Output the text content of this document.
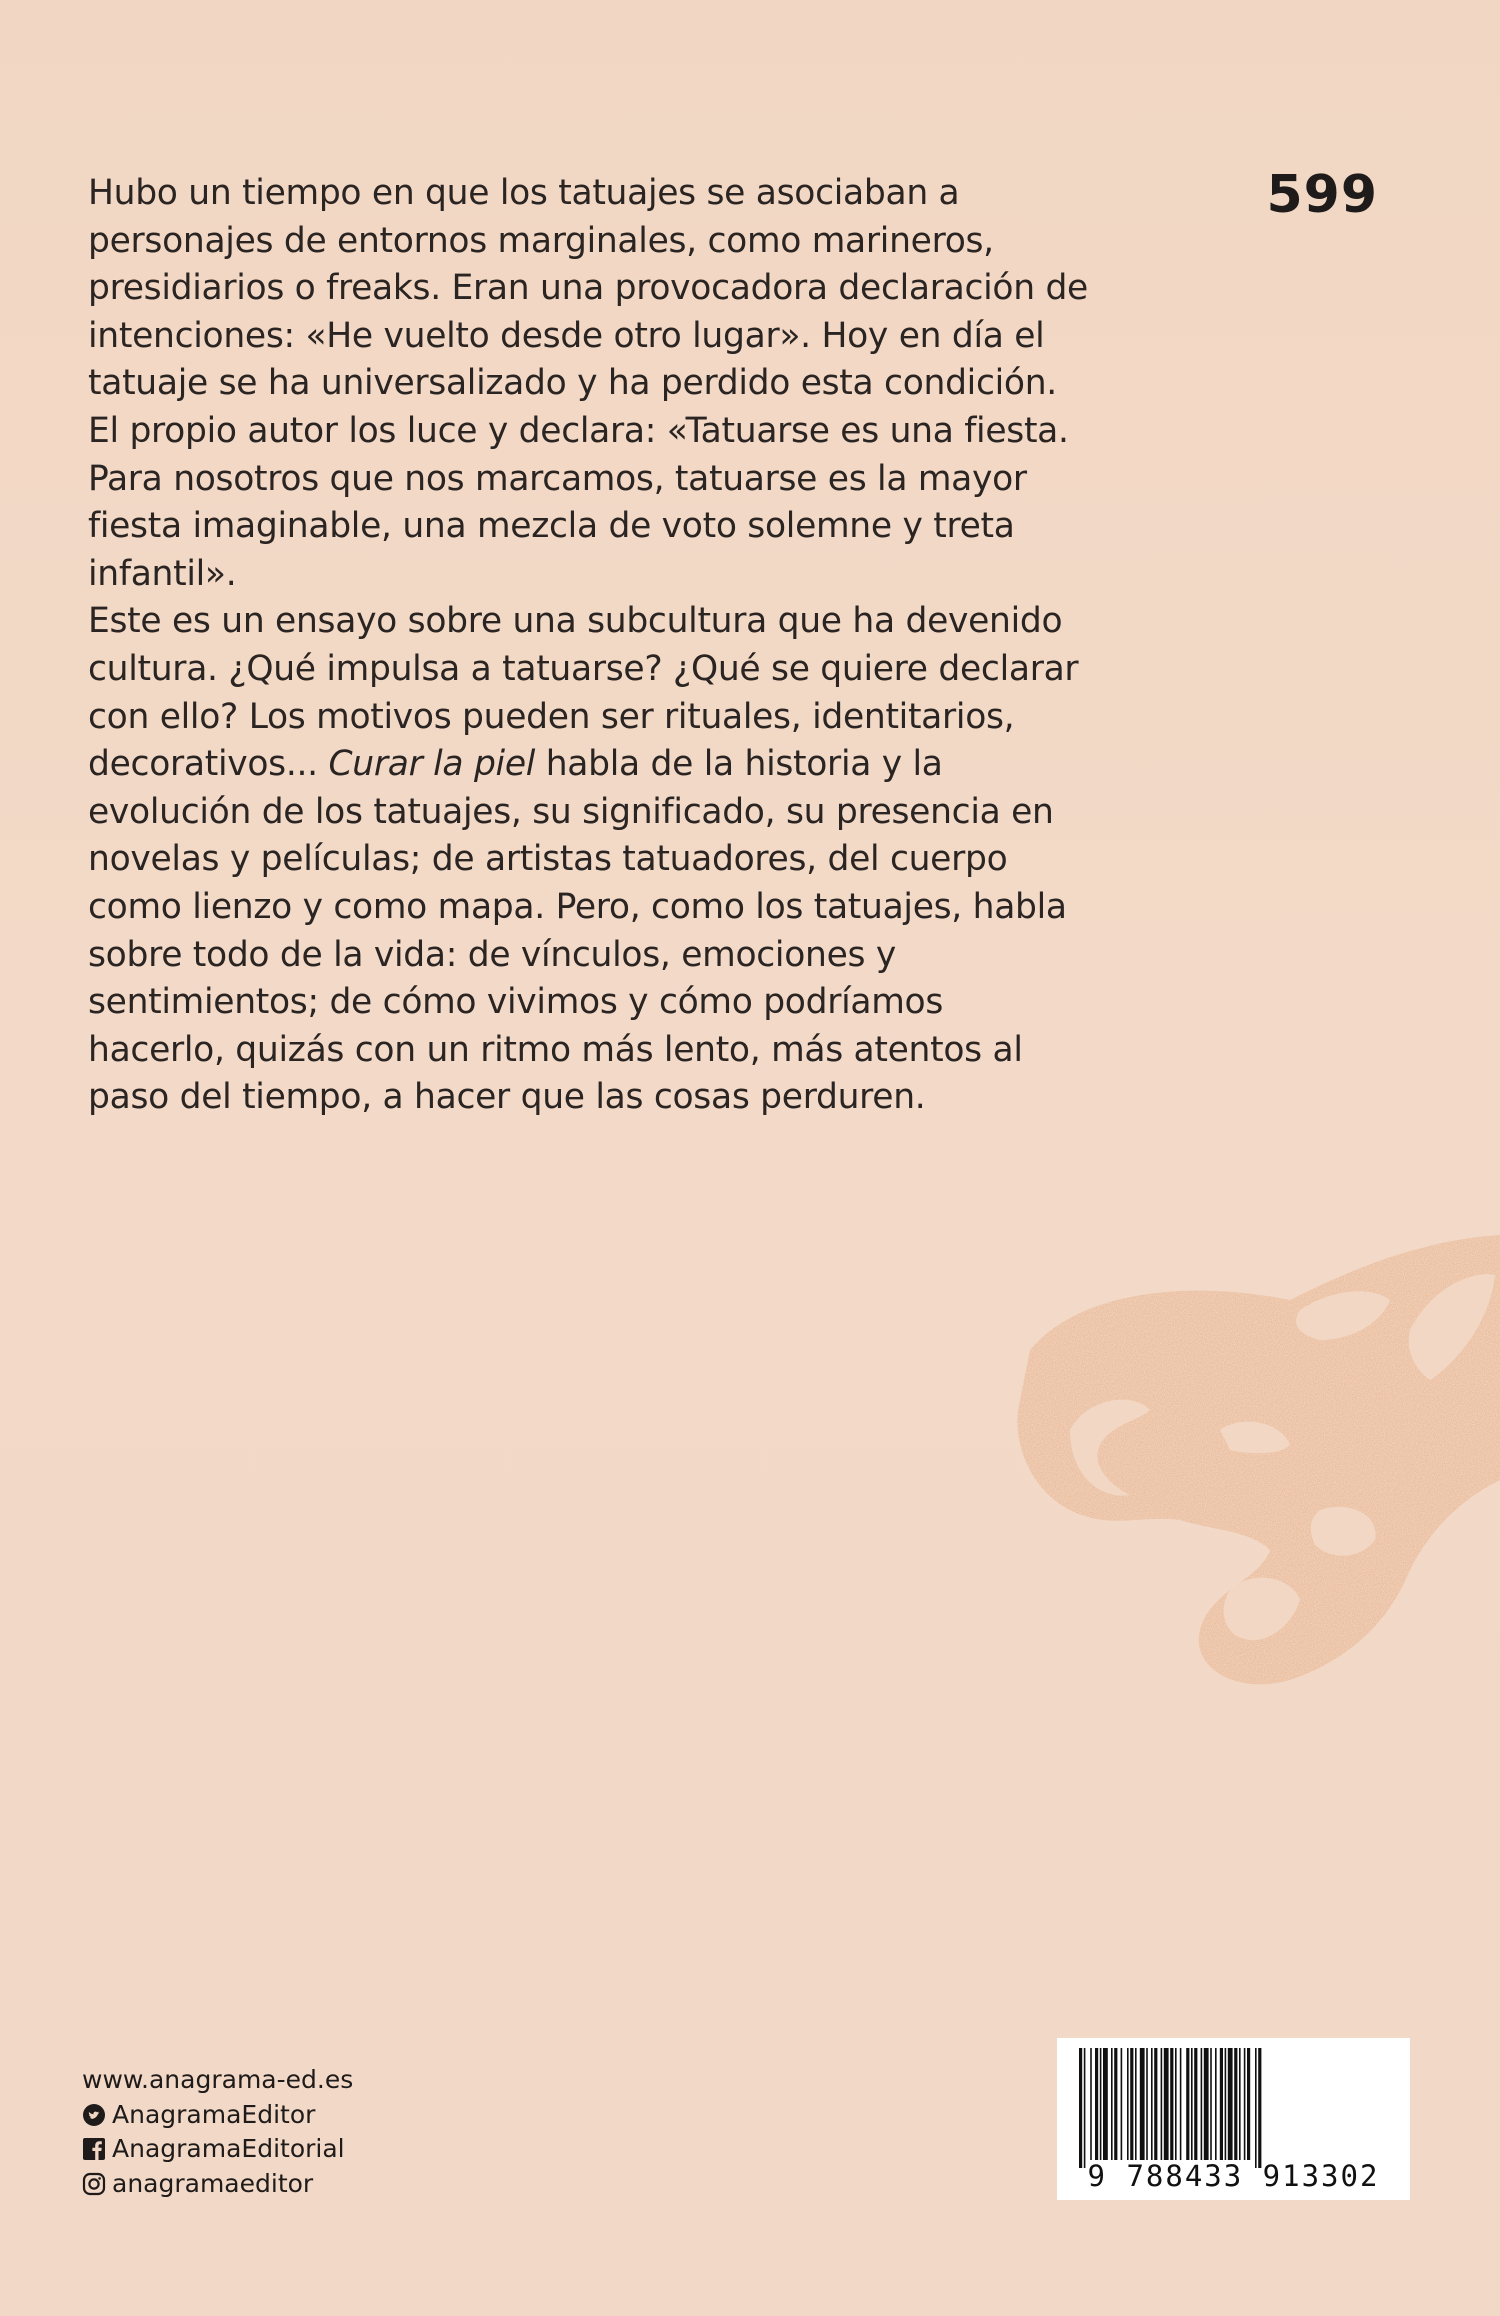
599

Hubo un tiempo en que los tatuajes se asociaban a personajes de entornos marginales, como marineros, presidiarios o freaks. Eran una provocadora declaración de intenciones: «He vuelto desde otro lugar». Hoy en día el tatuaje se ha universalizado y ha perdido esta condición. El propio autor los luce y declara: «Tatuarse es una fiesta. Para nosotros que nos marcamos, tatuarse es la mayor fiesta imaginable, una mezcla de voto solemne y treta infantil».

Este es un ensayo sobre una subcultura que ha devenido cultura. ¿Qué impulsa a tatuarse? ¿Qué se quiere declarar con ello? Los motivos pueden ser rituales, identitarios, decorativos... Curar la piel habla de la historia y la evolución de los tatuajes, su significado, su presencia en novelas y películas; de artistas tatuadores, del cuerpo como lienzo y como mapa. Pero, como los tatuajes, habla sobre todo de la vida: de vínculos, emociones y sentimientos; de cómo vivimos y cómo podríamos hacerlo, quizás con un ritmo más lento, más atentos al paso del tiempo, a hacer que las cosas perduren.

www.anagrama-ed.es
AnagramaEditor
AnagramaEditorial
anagramaeditor	9 788433 913302
